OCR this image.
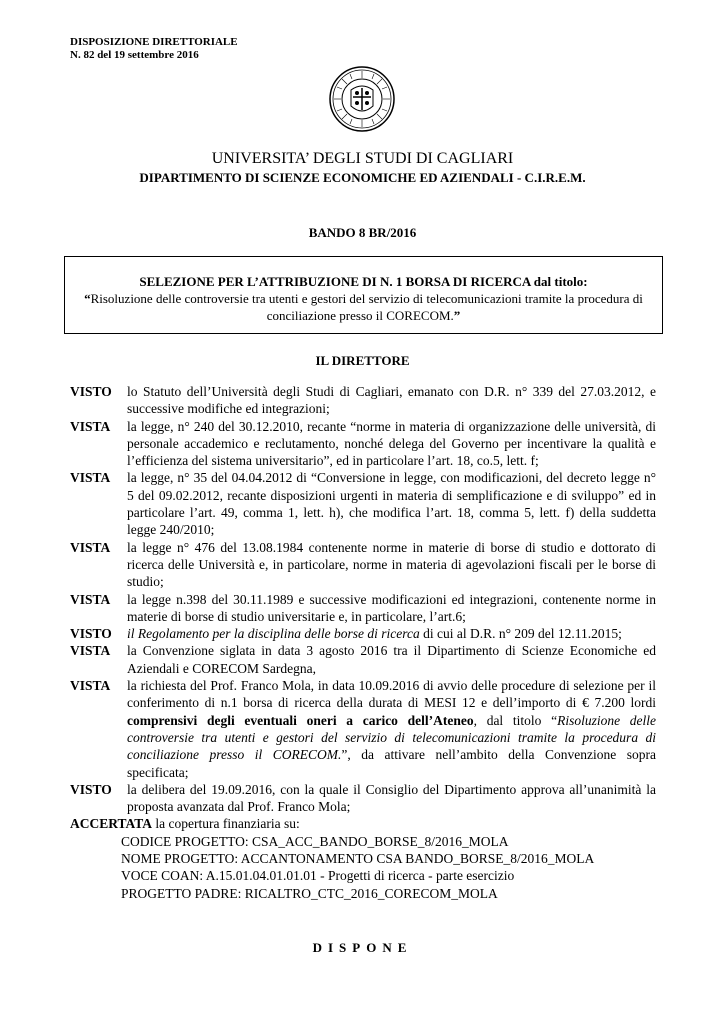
DISPOSIZIONE DIRETTORIALE
N. 82 del 19 settembre 2016
UNIVERSITA’ DEGLI STUDI DI CAGLIARI
DIPARTIMENTO DI SCIENZE ECONOMICHE ED AZIENDALI - C.I.R.E.M.
BANDO 8 BR/2016
SELEZIONE PER L’ATTRIBUZIONE DI N. 1 BORSA DI RICERCA dal titolo:
“Risoluzione delle controversie tra utenti e gestori del servizio di telecomunicazioni tramite la procedura di conciliazione presso il CORECOM.”
IL DIRETTORE
VISTO	lo Statuto dell’Università degli Studi di Cagliari, emanato con D.R. n° 339 del 27.03.2012, e successive modifiche ed integrazioni;
VISTA	la legge, n° 240 del 30.12.2010, recante “norme in materia di organizzazione delle università, di personale accademico e reclutamento, nonché delega del Governo per incentivare la qualità e l’efficienza del sistema universitario”, ed in particolare l’art. 18, co.5, lett. f;
VISTA	la legge, n° 35 del 04.04.2012 di “Conversione in legge, con modificazioni, del decreto legge n° 5 del 09.02.2012, recante disposizioni urgenti in materia di semplificazione e di sviluppo” ed in particolare l’art. 49, comma 1, lett. h), che modifica l’art. 18, comma 5, lett. f) della suddetta legge 240/2010;
VISTA	la legge n° 476 del 13.08.1984 contenente norme in materie di borse di studio e dottorato di ricerca delle Università e, in particolare, norme in materia di agevolazioni fiscali per le borse di studio;
VISTA	la legge n.398 del 30.11.1989 e successive modificazioni ed integrazioni, contenente norme in materie di borse di studio universitarie e, in particolare, l’art.6;
VISTO	il Regolamento per la disciplina delle borse di ricerca di cui al D.R. n° 209 del 12.11.2015;
VISTA	la Convenzione siglata in data 3 agosto 2016 tra il Dipartimento di Scienze Economiche ed Aziendali e CORECOM Sardegna,
VISTA	la richiesta del Prof. Franco Mola, in data 10.09.2016 di avvio delle procedure di selezione per il conferimento di n.1 borsa di ricerca della durata di MESI 12 e dell’importo di € 7.200 lordi comprensivi degli eventuali oneri a carico dell’Ateneo, dal titolo “Risoluzione delle controversie tra utenti e gestori del servizio di telecomunicazioni tramite la procedura di conciliazione presso il CORECOM.”, da attivare nell’ambito della Convenzione sopra specificata;
VISTO	la delibera del 19.09.2016, con la quale il Consiglio del Dipartimento approva all’unanimità la proposta avanzata dal Prof. Franco Mola;
ACCERTATA la copertura finanziaria su:
CODICE PROGETTO: CSA_ACC_BANDO_BORSE_8/2016_MOLA
NOME PROGETTO: ACCANTONAMENTO CSA BANDO_BORSE_8/2016_MOLA
VOCE COAN: A.15.01.04.01.01.01 - Progetti di ricerca - parte esercizio
PROGETTO PADRE: RICALTRO_CTC_2016_CORECOM_MOLA
DISPONE
